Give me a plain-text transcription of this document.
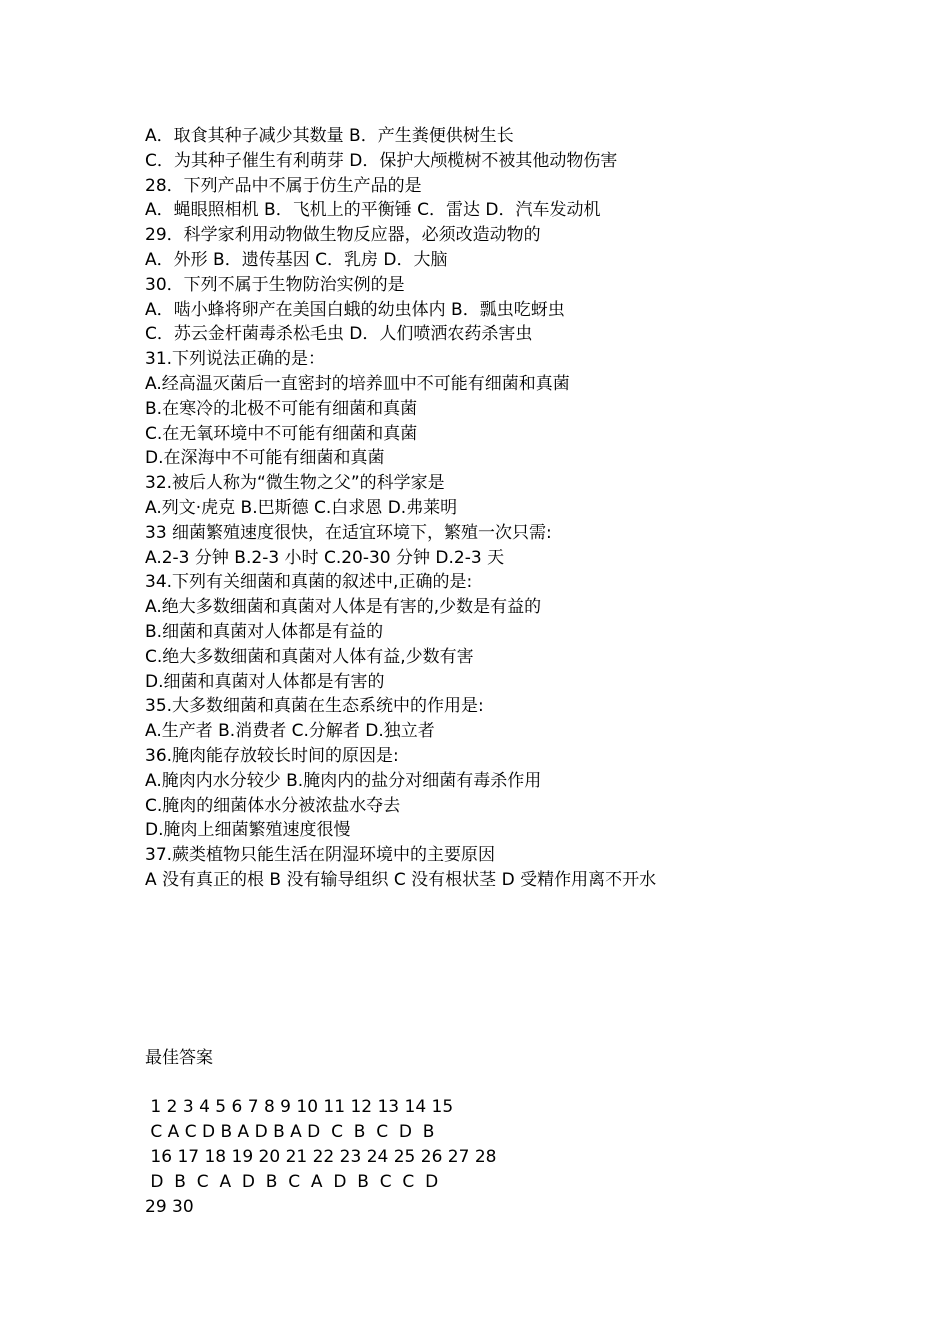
A．取食其种子减少其数量 B．产生粪便供树生长
C．为其种子催生有利萌芽 D．保护大颅榄树不被其他动物伤害
28．下列产品中不属于仿生产品的是
A．蝇眼照相机 B．飞机上的平衡锤 C．雷达 D．汽车发动机
29．科学家利用动物做生物反应器，必须改造动物的
A．外形 B．遗传基因 C．乳房 D．大脑
30．下列不属于生物防治实例的是
A．啮小蜂将卵产在美国白蛾的幼虫体内 B．瓢虫吃蚜虫
C．苏云金杆菌毒杀松毛虫 D．人们喷洒农药杀害虫
31.下列说法正确的是：
A.经高温灭菌后一直密封的培养皿中不可能有细菌和真菌
B.在寒冷的北极不可能有细菌和真菌
C.在无氧环境中不可能有细菌和真菌
D.在深海中不可能有细菌和真菌
32.被后人称为“微生物之父”的科学家是
A.列文·虎克 B.巴斯德 C.白求恩 D.弗莱明
33 细菌繁殖速度很快，在适宜环境下，繁殖一次只需:
A.2-3 分钟 B.2-3 小时 C.20-30 分钟 D.2-3 天
34.下列有关细菌和真菌的叙述中,正确的是:
A.绝大多数细菌和真菌对人体是有害的,少数是有益的
B.细菌和真菌对人体都是有益的
C.绝大多数细菌和真菌对人体有益,少数有害
D.细菌和真菌对人体都是有害的
35.大多数细菌和真菌在生态系统中的作用是:
A.生产者 B.消费者 C.分解者 D.独立者
36.腌肉能存放较长时间的原因是:
A.腌肉内水分较少 B.腌肉内的盐分对细菌有毒杀作用
C.腌肉的细菌体水分被浓盐水夺去
D.腌肉上细菌繁殖速度很慢
37.蕨类植物只能生活在阴湿环境中的主要原因
A 没有真正的根 B 没有输导组织 C 没有根状茎 D 受精作用离不开水
最佳答案
1 2 3 4 5 6 7 8 9 10 11 12 13 14 15
C A C D B A D B A D  C  B  C  D  B
16 17 18 19 20 21 22 23 24 25 26 27 28
D  B  C  A  D  B  C  A  D  B  C  C  D
29 30
